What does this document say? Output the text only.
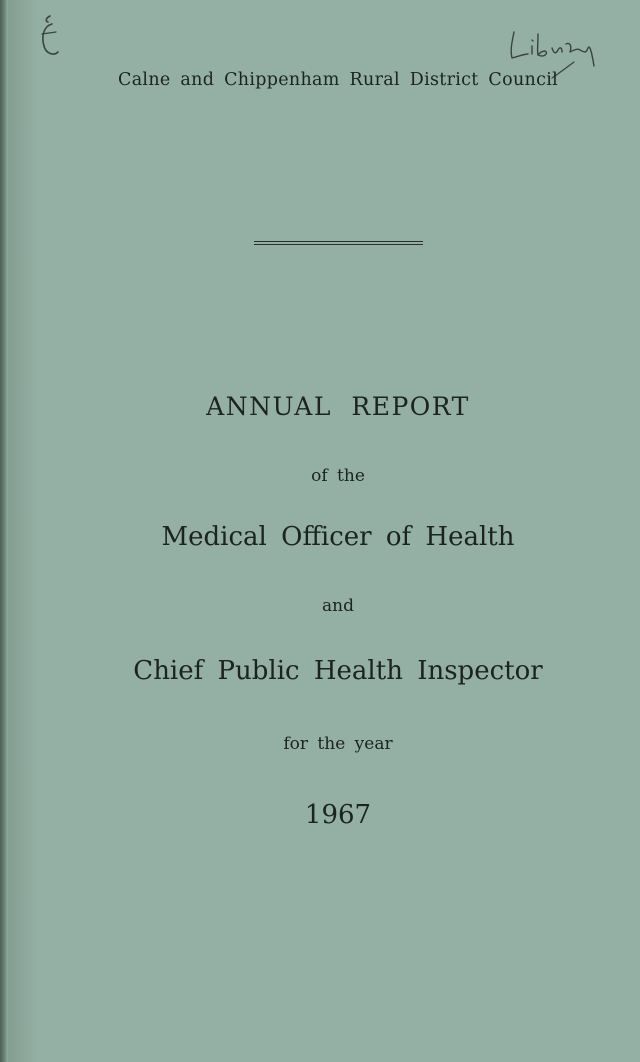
Calne and Chippenham Rural District Council
ANNUAL REPORT
of the
Medical Officer of Health
and
Chief Public Health Inspector
for the year
1967
